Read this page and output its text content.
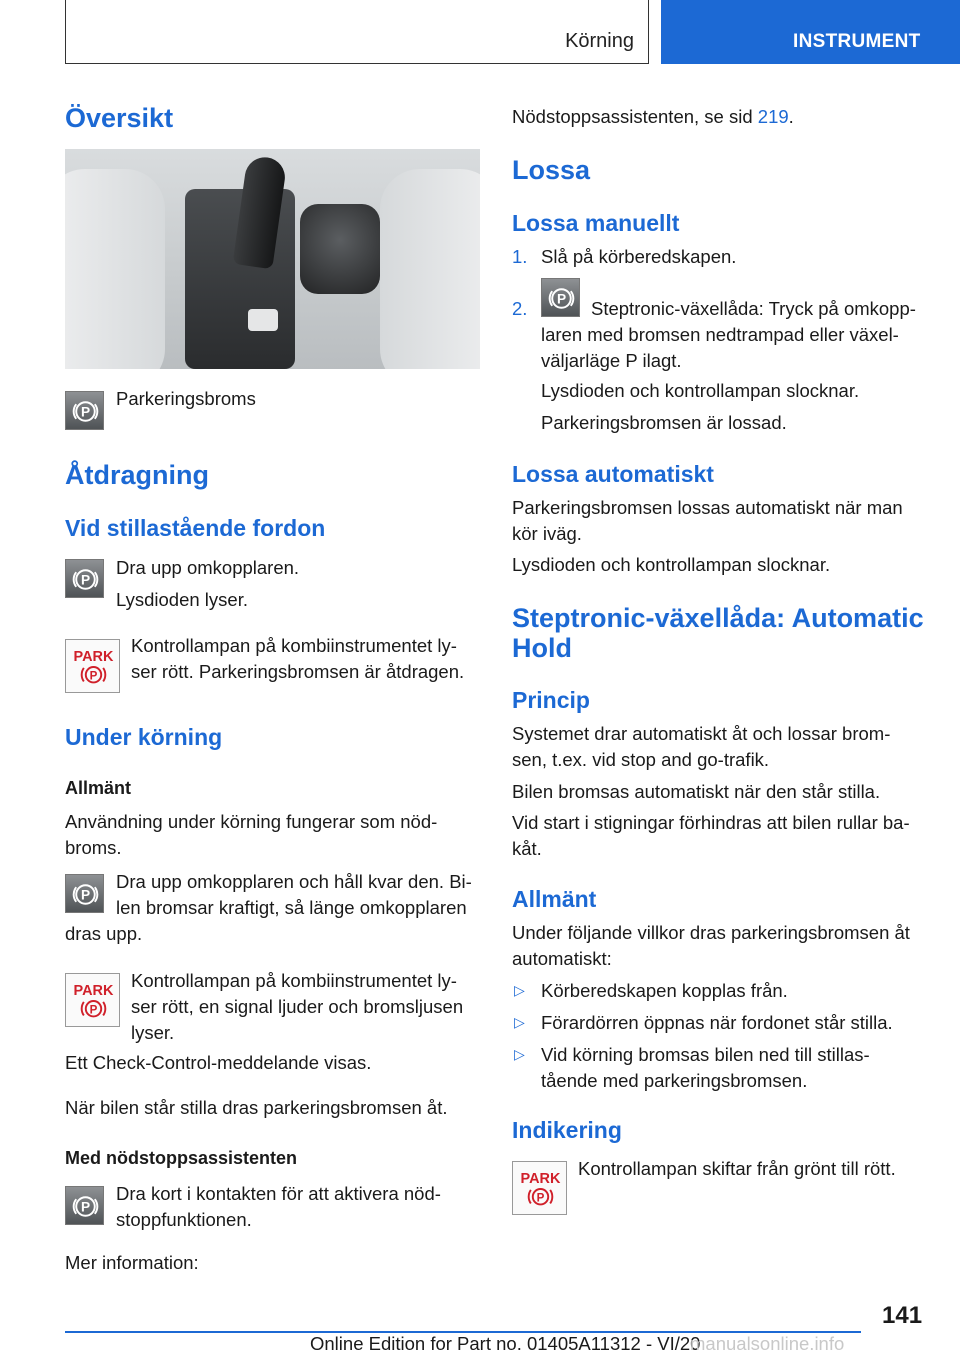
Körning	INSTRUMENT
Översikt
Parkeringsbroms
Åtdragning
Vid stillastående fordon
Dra upp omkopplaren.
Lysdioden lyser.
Kontrollampan på kombiinstrumentet ly-
ser rött. Parkeringsbromsen är åtdragen.
Under körning
Allmänt
Användning under körning fungerar som nöd-
broms.
Dra upp omkopplaren och håll kvar den. Bi-
len bromsar kraftigt, så länge omkopplaren
dras upp.
Kontrollampan på kombiinstrumentet ly-
ser rött, en signal ljuder och bromsljusen
lyser.
Ett Check-Control-meddelande visas.
När bilen står stilla dras parkeringsbromsen åt.
Med nödstoppsassistenten
Dra kort i kontakten för att aktivera nöd-
stoppfunktionen.
Mer information:
Nödstoppsassistenten, se sid 219.
Lossa
Lossa manuellt
1. Slå på körberedskapen.
2.	Steptronic-växellåda: Tryck på omkopp-
laren med bromsen nedtrampad eller växel-
väljarläge P ilagt.
Lysdioden och kontrollampan slocknar.
Parkeringsbromsen är lossad.
Lossa automatiskt
Parkeringsbromsen lossas automatiskt när man
kör iväg.
Lysdioden och kontrollampan slocknar.
Steptronic-växellåda: Automatic
Hold
Princip
Systemet drar automatiskt åt och lossar brom-
sen, t.ex. vid stop and go-trafik.
Bilen bromsas automatiskt när den står stilla.
Vid start i stigningar förhindras att bilen rullar ba-
kåt.
Allmänt
Under följande villkor dras parkeringsbromsen åt
automatiskt:
▷ Körberedskapen kopplas från.
▷ Förardörren öppnas när fordonet står stilla.
▷ Vid körning bromsas bilen ned till stillas-
tående med parkeringsbromsen.
Indikering
Kontrollampan skiftar från grönt till rött.
141
Online Edition for Part no. 01405A11312 - VI/20
manualsonline.info
